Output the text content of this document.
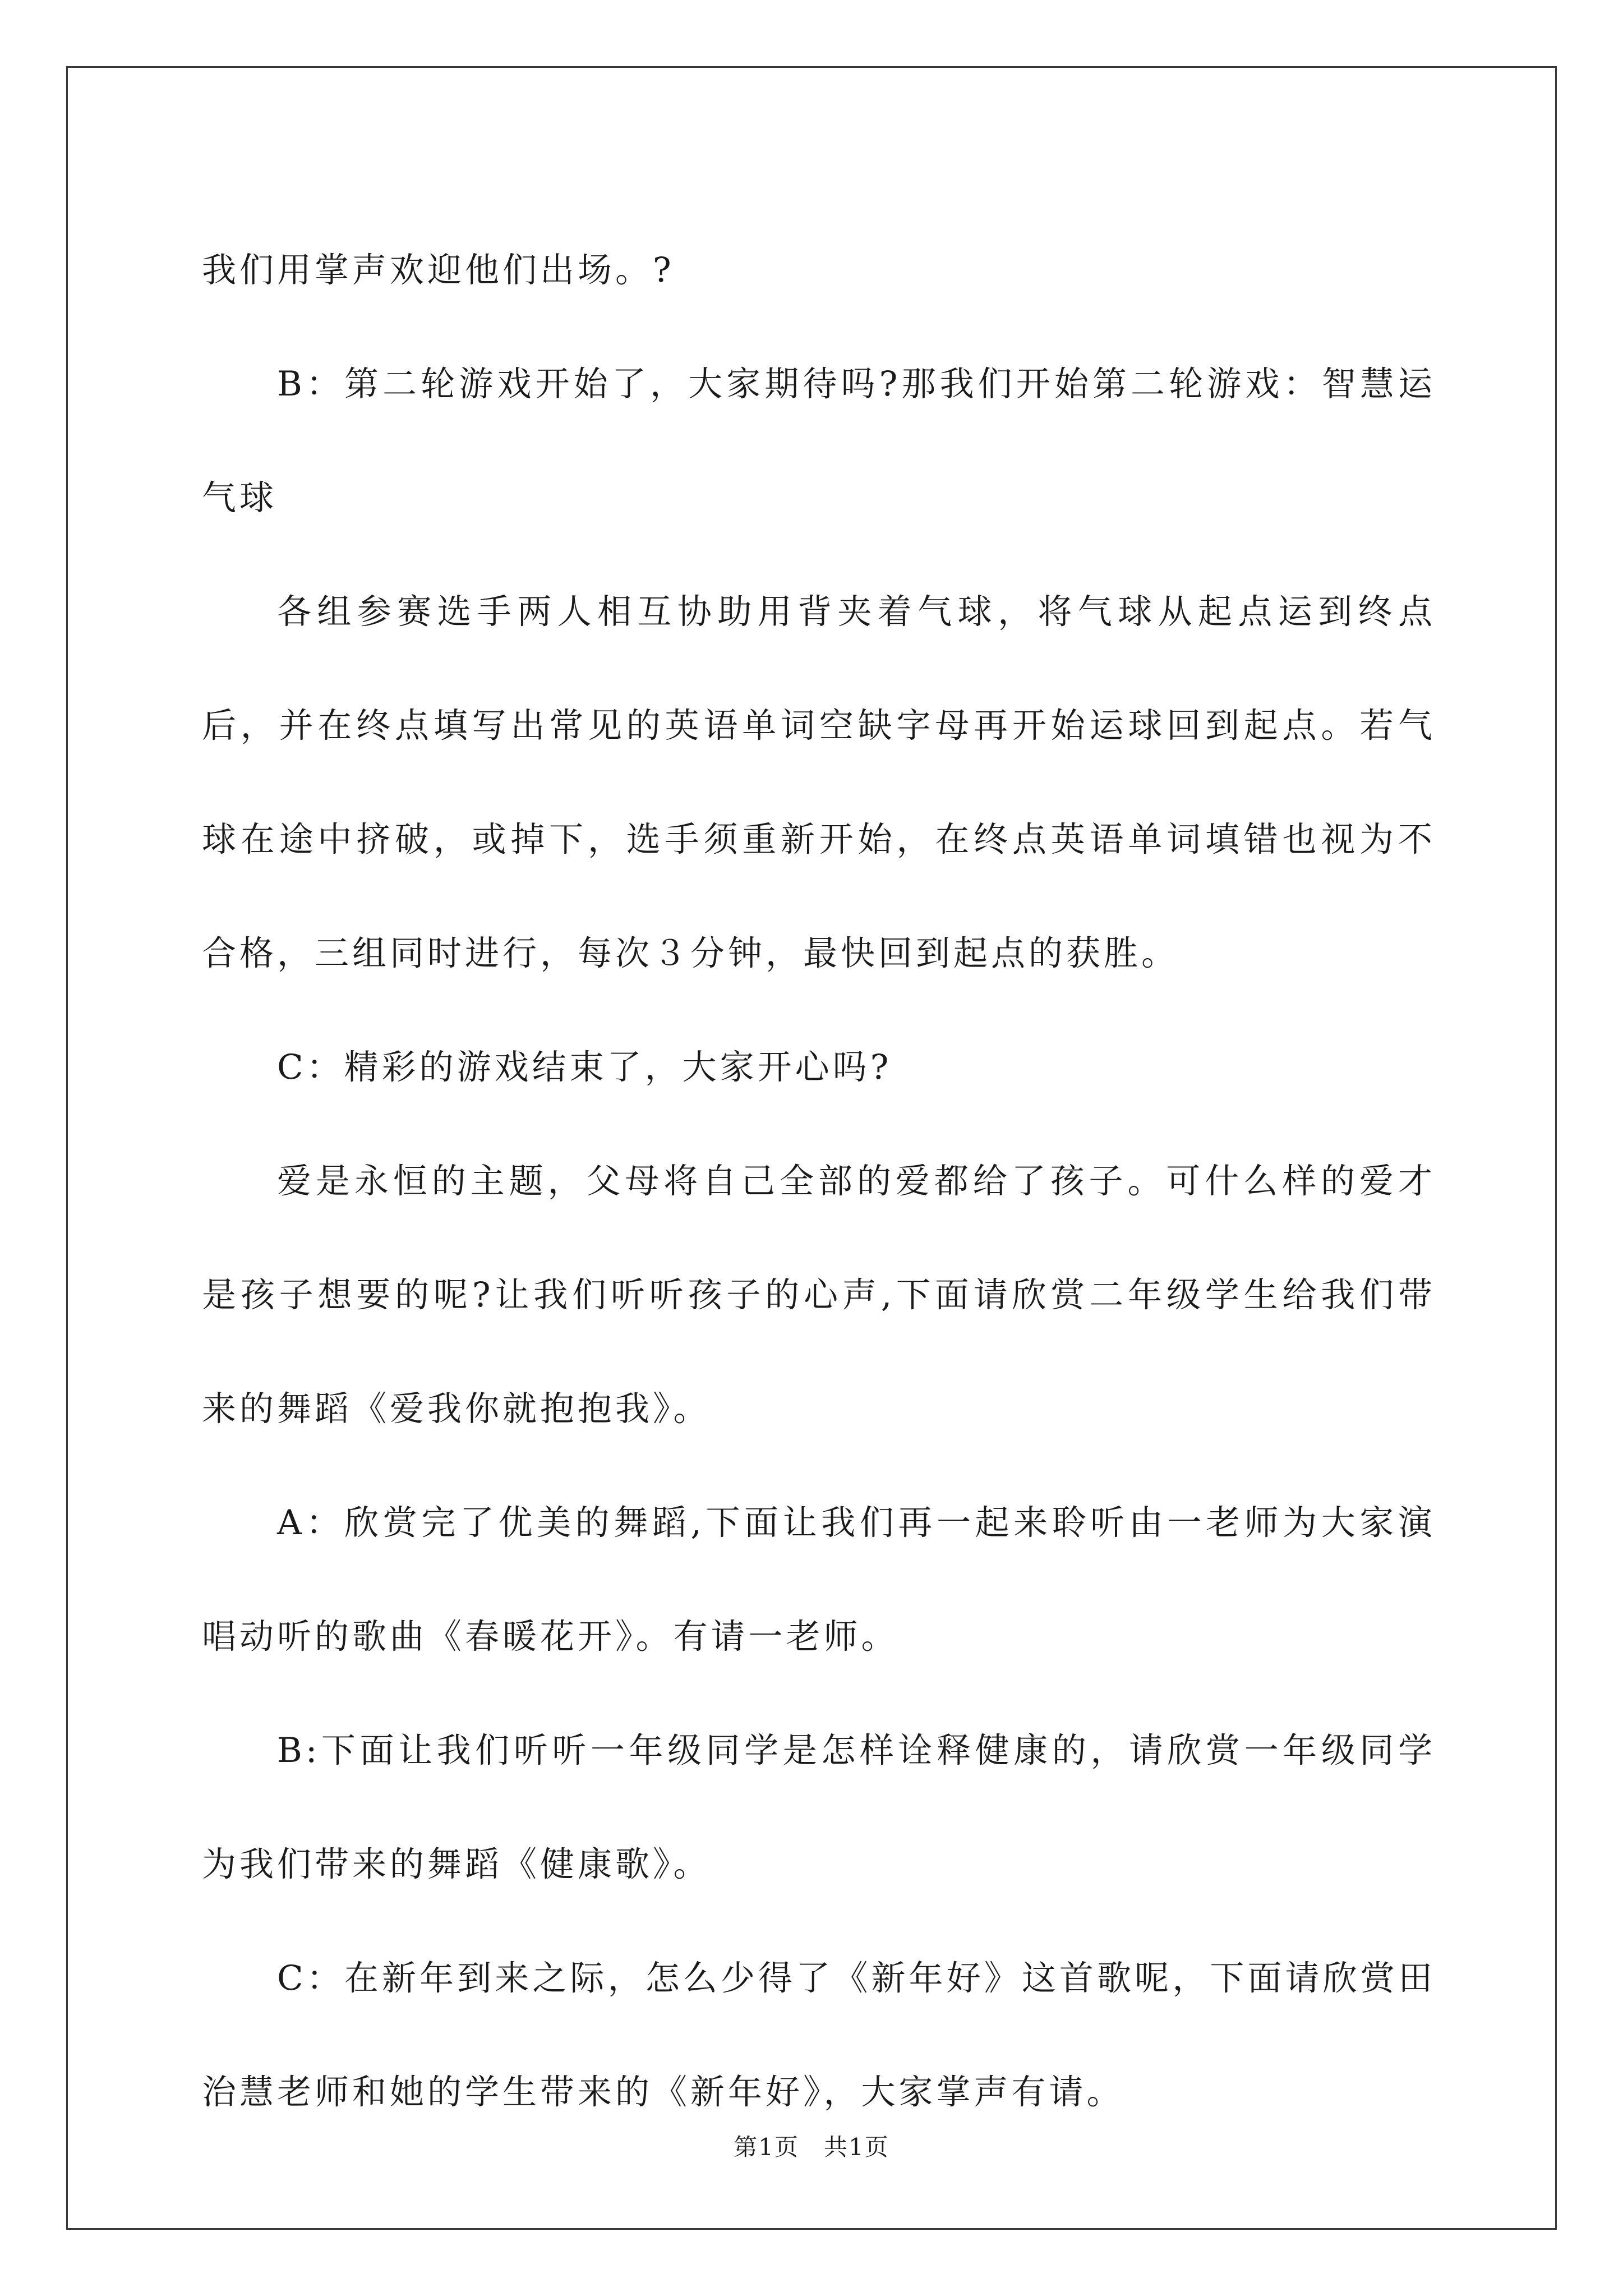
我们用掌声欢迎他们出场。?

B：第二轮游戏开始了，大家期待吗?那我们开始第二轮游戏：智慧运气球

各组参赛选手两人相互协助用背夹着气球，将气球从起点运到终点后，并在终点填写出常见的英语单词空缺字母再开始运球回到起点。若气球在途中挤破，或掉下，选手须重新开始，在终点英语单词填错也视为不合格，三组同时进行，每次３分钟，最快回到起点的获胜。

C：精彩的游戏结束了，大家开心吗?

爱是永恒的主题，父母将自己全部的爱都给了孩子。可什么样的爱才是孩子想要的呢?让我们听听孩子的心声,下面请欣赏二年级学生给我们带来的舞蹈《爱我你就抱抱我》。

A：欣赏完了优美的舞蹈,下面让我们再一起来聆听由一老师为大家演唱动听的歌曲《春暖花开》。有请一老师。

B:下面让我们听听一年级同学是怎样诠释健康的，请欣赏一年级同学为我们带来的舞蹈《健康歌》。

C：在新年到来之际，怎么少得了《新年好》这首歌呢，下面请欣赏田治慧老师和她的学生带来的《新年好》，大家掌声有请。

第1页 共1页
